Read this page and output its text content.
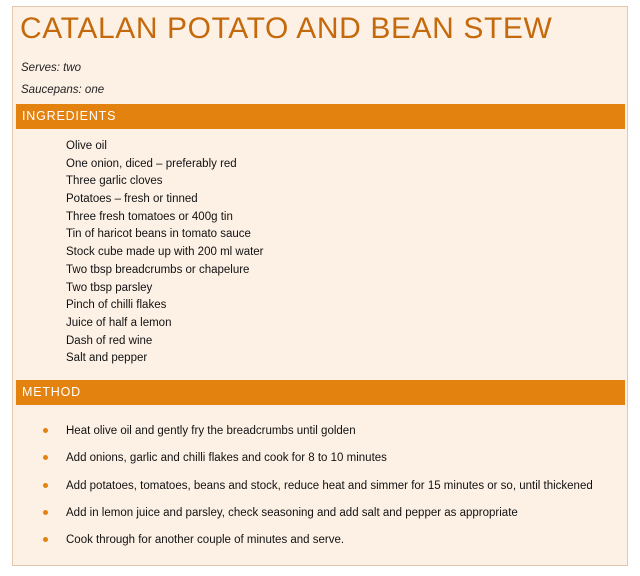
CATALAN POTATO AND BEAN STEW
Serves: two
Saucepans: one
INGREDIENTS
Olive oil
One onion, diced – preferably red
Three garlic cloves
Potatoes – fresh or tinned
Three fresh tomatoes or 400g tin
Tin of haricot beans in tomato sauce
Stock cube made up with 200 ml water
Two tbsp breadcrumbs or chapelure
Two tbsp parsley
Pinch of chilli flakes
Juice of half a lemon
Dash of red wine
Salt and pepper
METHOD
Heat olive oil and gently fry the breadcrumbs until golden
Add onions, garlic and chilli flakes and cook for 8 to 10 minutes
Add potatoes, tomatoes, beans and stock, reduce heat and simmer for 15 minutes or so, until thickened
Add in lemon juice and parsley, check seasoning and add salt and pepper as appropriate
Cook through for another couple of minutes and serve.
